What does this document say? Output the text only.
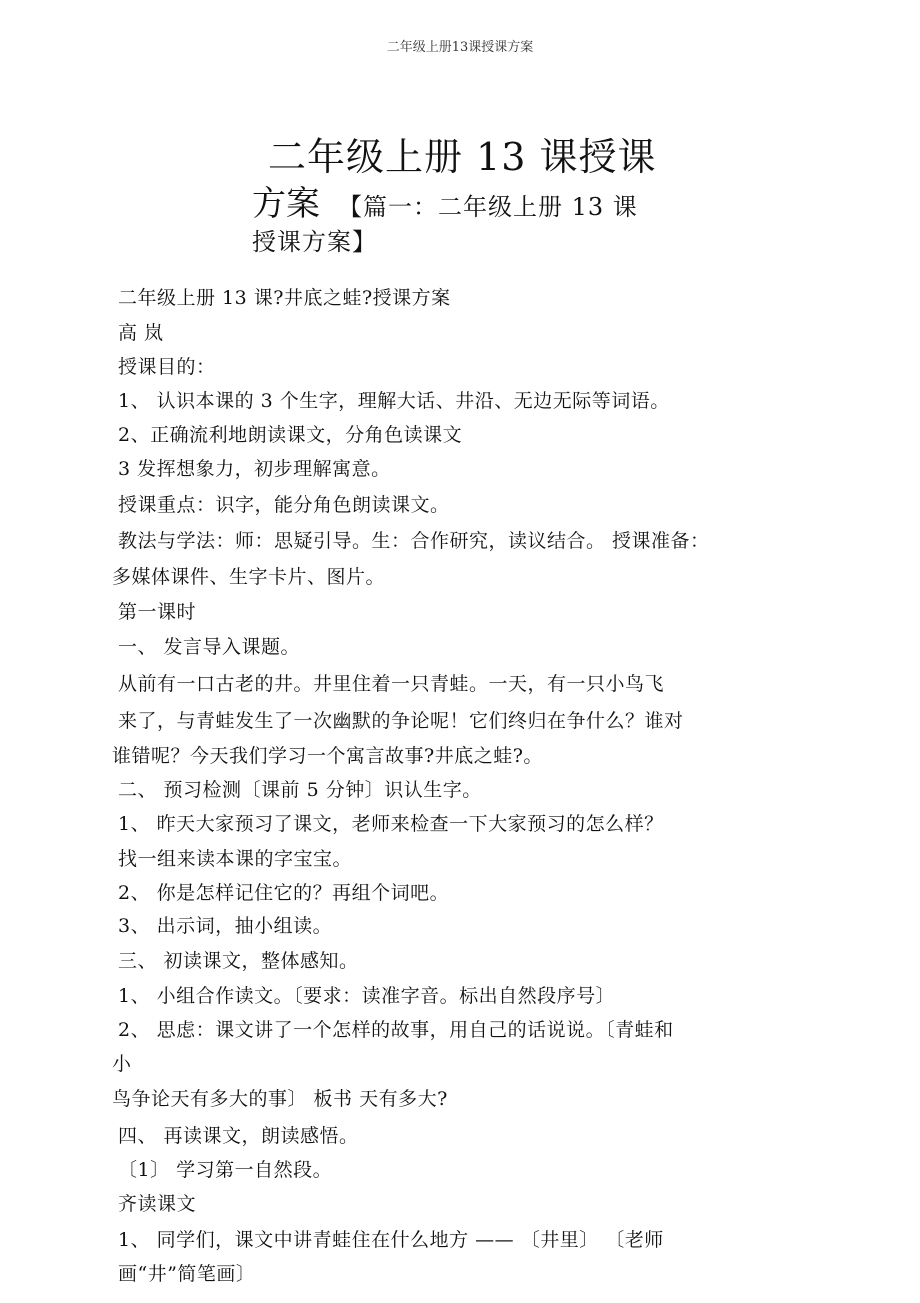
二年级上册13课授课方案
二年级上册 13 课授课
方案 【篇一：二年级上册 13 课
授课方案】
二年级上册 13 课?井底之蛙?授课方案
高 岚
授课目的：
1、 认识本课的 3 个生字，理解大话、井沿、无边无际等词语。
2、正确流利地朗读课文，分角色读课文
3 发挥想象力，初步理解寓意。
授课重点：识字，能分角色朗读课文。
教法与学法：师：思疑引导。生：合作研究，读议结合。 授课准备：
多媒体课件、生字卡片、图片。
第一课时
一、 发言导入课题。
从前有一口古老的井。井里住着一只青蛙。一天，有一只小鸟飞
来了，与青蛙发生了一次幽默的争论呢！它们终归在争什么？谁对
谁错呢？今天我们学习一个寓言故事?井底之蛙?。
二、 预习检测〔课前 5 分钟〕识认生字。
1、 昨天大家预习了课文，老师来检查一下大家预习的怎么样？
找一组来读本课的字宝宝。
2、 你是怎样记住它的？再组个词吧。
3、 出示词，抽小组读。
三、 初读课文，整体感知。
1、 小组合作读文。〔要求：读准字音。标出自然段序号〕
2、 思虑：课文讲了一个怎样的故事，用自己的话说说。〔青蛙和
小
鸟争论天有多大的事〕 板书 天有多大?
四、 再读课文，朗读感悟。
〔1〕 学习第一自然段。
齐读课文
1、 同学们，课文中讲青蛙住在什么地方 —— 〔井里〕 〔老师
画“井”简笔画〕
